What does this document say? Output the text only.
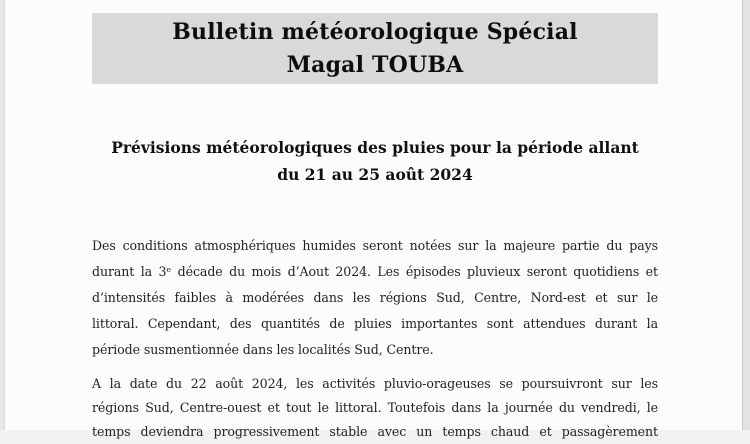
Bulletin météorologique Spécial
Magal TOUBA
Prévisions météorologiques des pluies pour la période allant
du 21 au 25 août 2024
Des conditions atmosphériques humides seront notées sur la majeure partie du pays
durant la 3ᵉ décade du mois d’Aout 2024. Les épisodes pluvieux seront quotidiens et
d’intensités faibles à modérées dans les régions Sud, Centre, Nord-est et sur le
littoral. Cependant, des quantités de pluies importantes sont attendues durant la
période susmentionnée dans les localités Sud, Centre.
A la date du 22 août 2024, les activités pluvio-orageuses se poursuivront sur les
régions Sud, Centre-ouest et tout le littoral. Toutefois dans la journée du vendredi, le
temps deviendra progressivement stable avec un temps chaud et passagèrement
